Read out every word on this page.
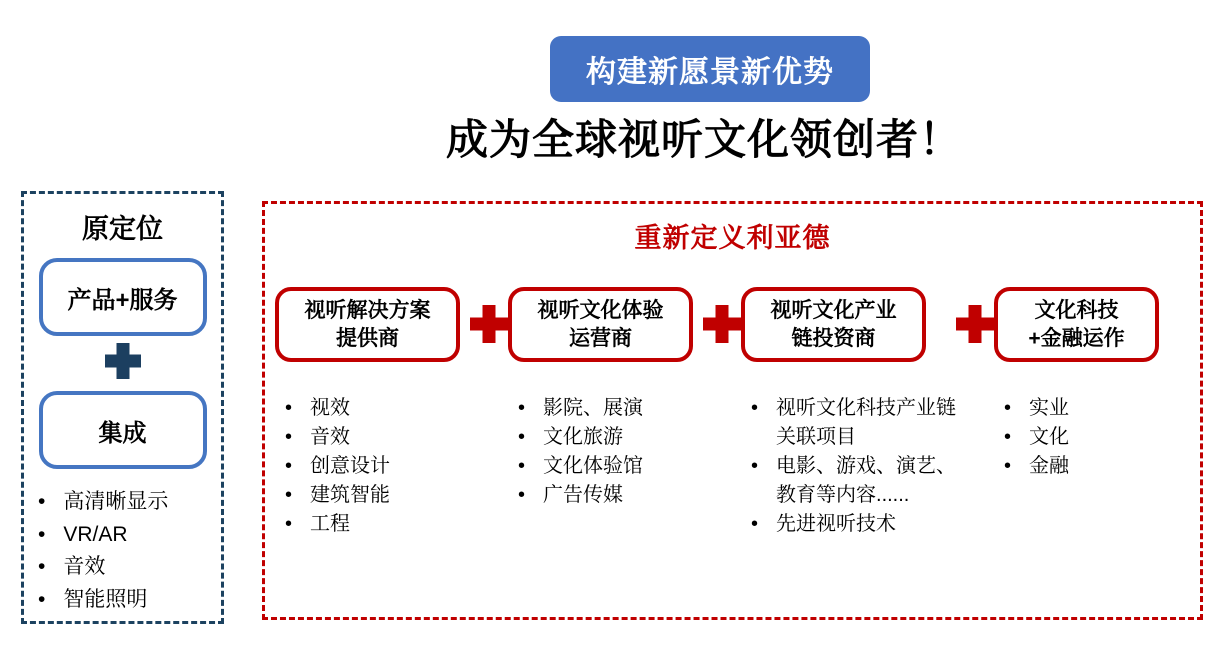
构建新愿景新优势
成为全球视听文化领创者！
原定位
产品+服务
集成
• 高清晰显示
• VR/AR
• 音效
• 智能照明
重新定义利亚德
视听解决方案
提供商
• 视效
• 音效
• 创意设计
• 建筑智能
• 工程
视听文化体验
运营商
• 影院、展演
• 文化旅游
• 文化体验馆
• 广告传媒
视听文化产业
链投资商
• 视听文化科技产业链关联项目
• 电影、游戏、演艺、教育等内容......
• 先进视听技术
文化科技
+金融运作
• 实业
• 文化
• 金融
